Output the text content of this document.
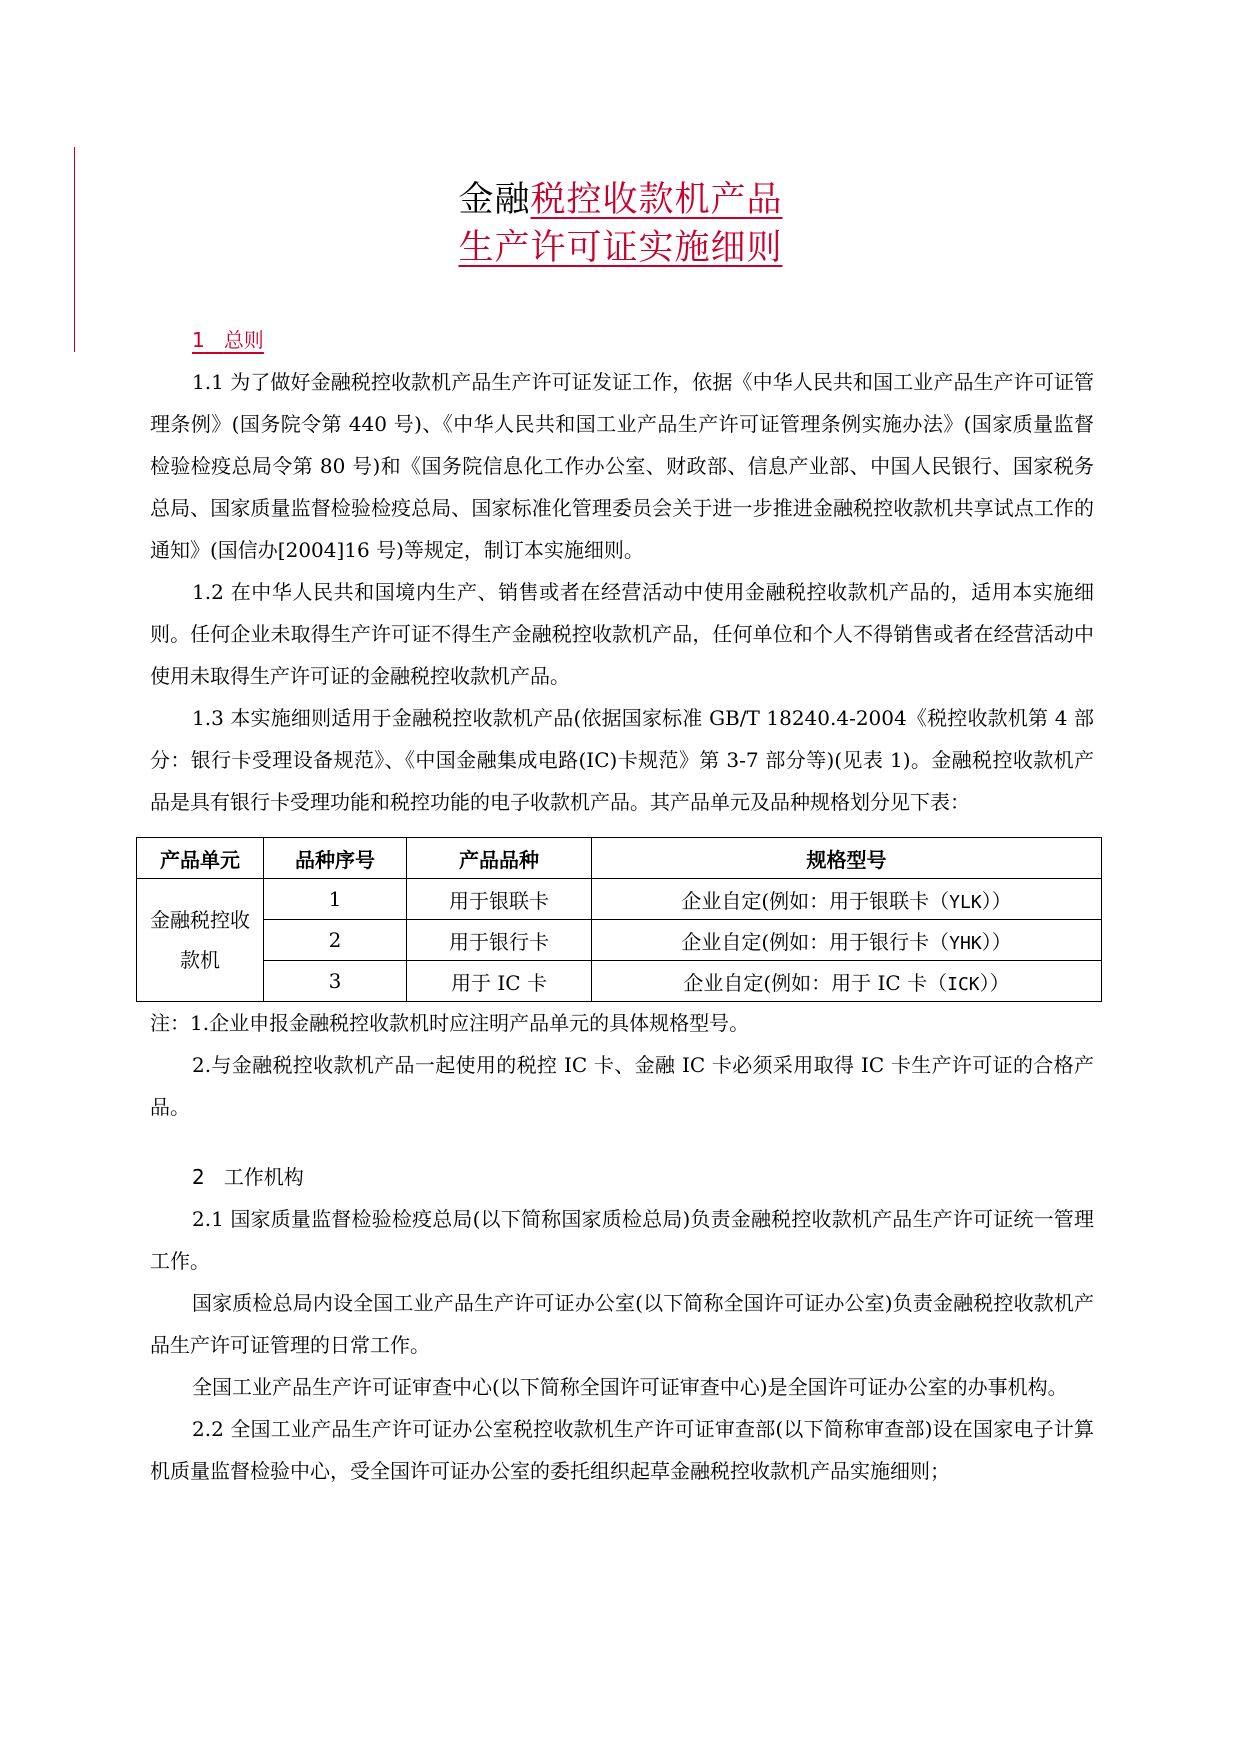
金融税控收款机产品
生产许可证实施细则
1 总则

1.1 为了做好金融税控收款机产品生产许可证发证工作，依据《中华人民共和国工业产品生产许可证管理条例》(国务院令第 440 号)、《中华人民共和国工业产品生产许可证管理条例实施办法》(国家质量监督检验检疫总局令第 80 号)和《国务院信息化工作办公室、财政部、信息产业部、中国人民银行、国家税务总局、国家质量监督检验检疫总局、国家标准化管理委员会关于进一步推进金融税控收款机共享试点工作的通知》(国信办[2004]16 号)等规定，制订本实施细则。

1.2 在中华人民共和国境内生产、销售或者在经营活动中使用金融税控收款机产品的，适用本实施细则。任何企业未取得生产许可证不得生产金融税控收款机产品，任何单位和个人不得销售或者在经营活动中使用未取得生产许可证的金融税控收款机产品。

1.3 本实施细则适用于金融税控收款机产品(依据国家标准 GB/T 18240.4-2004《税控收款机第 4 部分：银行卡受理设备规范》、《中国金融集成电路(IC)卡规范》第 3-7 部分等)(见表 1)。金融税控收款机产品是具有银行卡受理功能和税控功能的电子收款机产品。其产品单元及品种规格划分见下表：

产品单元	品种序号	产品品种	规格型号

金融税控收
款机	1	用于银联卡	企业自定(例如：用于银联卡（YLK））
	2	用于银行卡	企业自定(例如：用于银行卡（YHK））
	3	用于 IC 卡	企业自定(例如：用于 IC 卡（ICK））

注：1.企业申报金融税控收款机时应注明产品单元的具体规格型号。

2.与金融税控收款机产品一起使用的税控 IC 卡、金融 IC 卡必须采用取得 IC 卡生产许可证的合格产品。

2 工作机构

2.1 国家质量监督检验检疫总局(以下简称国家质检总局)负责金融税控收款机产品生产许可证统一管理工作。

国家质检总局内设全国工业产品生产许可证办公室(以下简称全国许可证办公室)负责金融税控收款机产品生产许可证管理的日常工作。

全国工业产品生产许可证审查中心(以下简称全国许可证审查中心)是全国许可证办公室的办事机构。

2.2 全国工业产品生产许可证办公室税控收款机生产许可证审查部(以下简称审查部)设在国家电子计算机质量监督检验中心，受全国许可证办公室的委托组织起草金融税控收款机产品实施细则；
